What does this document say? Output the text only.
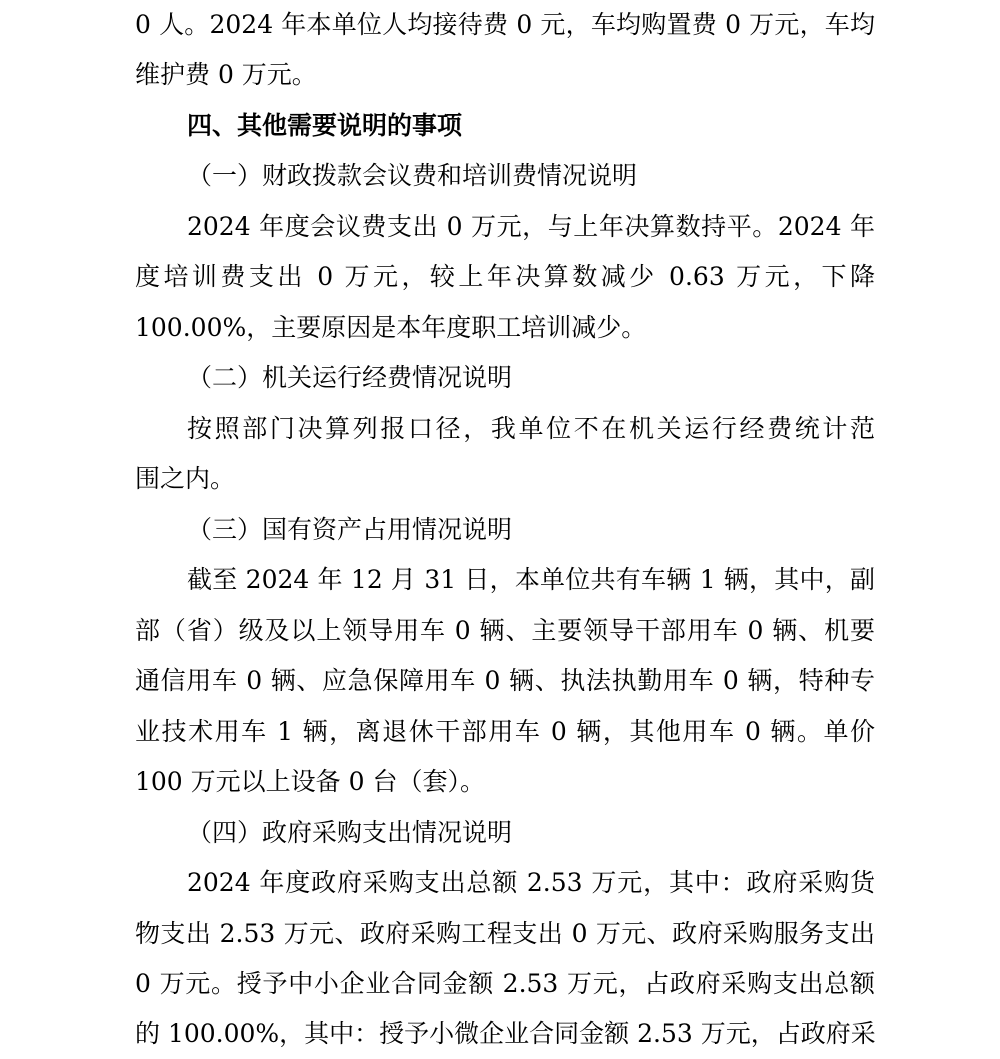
0 人。2024 年本单位人均接待费 0 元，车均购置费 0 万元，车均
维护费 0 万元。
四、其他需要说明的事项
（一）财政拨款会议费和培训费情况说明
2024 年度会议费支出 0 万元，与上年决算数持平。2024 年
度培训费支出 0 万元，较上年决算数减少 0.63 万元，下降
100.00%，主要原因是本年度职工培训减少。
（二）机关运行经费情况说明
按照部门决算列报口径，我单位不在机关运行经费统计范
围之内。
（三）国有资产占用情况说明
截至 2024 年 12 月 31 日，本单位共有车辆 1 辆，其中，副
部（省）级及以上领导用车 0 辆、主要领导干部用车 0 辆、机要
通信用车 0 辆、应急保障用车 0 辆、执法执勤用车 0 辆，特种专
业技术用车 1 辆，离退休干部用车 0 辆，其他用车 0 辆。单价
100 万元以上设备 0 台（套）。
（四）政府采购支出情况说明
2024 年度政府采购支出总额 2.53 万元，其中：政府采购货
物支出 2.53 万元、政府采购工程支出 0 万元、政府采购服务支出
0 万元。授予中小企业合同金额 2.53 万元，占政府采购支出总额
的 100.00%，其中：授予小微企业合同金额 2.53 万元，占政府采
